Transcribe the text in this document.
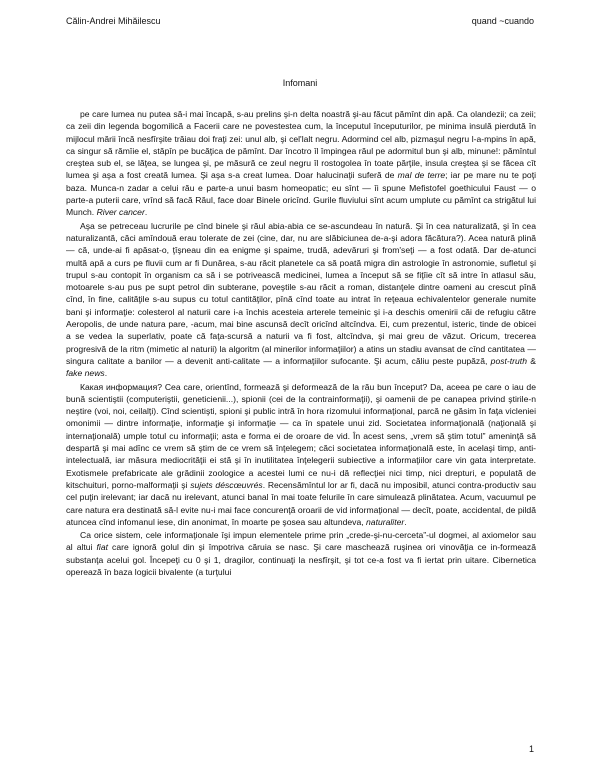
Călin-Andrei Mihăilescu	quand ~cuando
Infomani

pe care lumea nu putea să-i mai încapă, s-au prelins şi-n delta noastră şi-au făcut pămînt din apă. Ca olandezii; ca zeii; ca zeii din legenda bogomilică a Facerii care ne povestestea cum, la începutul începuturilor, pe minima insulă pierdută în mijlocul mării încă nesfîrşite trăiau doi fraţi zei: unul alb, şi cel'lalt negru. Adormind cel alb, pizmaşul negru l-a-mpins în apă, ca singur să rămîie el, stăpîn pe bucăţica de pămînt. Dar încotro îl împingea răul pe adormitul bun şi alb, minune!: pămîntul creştea sub el, se lăţea, se lungea şi, pe măsură ce zeul negru îl rostogolea în toate părţile, insula creştea şi se făcea cît lumea şi aşa a fost creată lumea. Şi aşa s-a creat lumea. Doar halucinaţii suferă de mal de terre; iar pe mare nu te poţi baza. Munca-n zadar a celui rău e parte-a unui basm homeopatic; eu sînt — îi spune Mefistofel goethicului Faust — o parte-a puterii care, vrînd să facă Răul, face doar Binele oricînd. Gurile fluviului sînt acum umplute cu pămînt ca strigătul lui Munch. River cancer.

Aşa se petreceau lucrurile pe cînd binele şi răul abia-abia ce se-ascundeau în natură. Şi în cea naturalizată, şi în cea naturalizantă, căci amîndouă erau tolerate de zei (cine, dar, nu are slăbiciunea de-a-şi adora făcătura?). Acea natură plină — că, unde-ai fi apăsat-o, ţîşneau din ea enigme şi spaime, trudă, adevăruri şi from'seţi — a fost odată. Dar de-atunci multă apă a curs pe fluvii cum ar fi Dunărea, s-au răcit planetele ca să poată migra din astrologie în astronomie, sufletul şi trupul s-au contopit în organism ca să i se potrivească medicinei, lumea a început să se fiţîie cît să intre în atlasul său, motoarele s-au pus pe supt petrol din subterane, poveştile s-au răcit a roman, distanţele dintre oameni au crescut pînă cînd, în fine, calităţile s-au supus cu totul cantităţilor, pînă cînd toate au intrat în reţeaua echivalentelor generale numite bani şi informaţie: colesterol al naturii care i-a închis acesteia arterele temeinic şi i-a deschis omenirii căi de refugiu către Aeropolis, de unde natura pare, -acum, mai bine ascunsă decît oricînd altcîndva. Ei, cum prezentul, isteric, tinde de obicei a se vedea la superlativ, poate că faţa-scursă a naturii va fi fost, altcîndva, şi mai greu de văzut. Oricum, trecerea progresivă de la ritm (mimetic al naturii) la algoritm (al minerilor informaţiilor) a atins un stadiu avansat de cînd cantitatea — singura calitate a banilor — a devenit anti-calitate — a informaţiilor sufocante. Şi acum, căliu peste pupăză, post-truth & fake news.

Какая информация? Cea care, orientînd, formează şi deformează de la rău bun început? Da, aceea pe care o iau de bună scientiştii (computeriştii, geneticienii...), spionii (cei de la contrainformaţii), şi oamenii de pe canapea privind ştirile-n neştire (voi, noi, ceilalţi). Cînd scientişti, spioni şi public intră în hora rizomului informaţional, parcă ne găsim în faţa vicleniei omonimii — dintre informaţie, informaţie şi informaţie — ca în spatele unui zid. Societatea informaţională (naţională şi internaţională) umple totul cu informaţii; asta e forma ei de oroare de vid. În acest sens, „vrem să ştim totul” ameninţă să despartă şi mai adînc ce vrem să ştim de ce vrem să înţelegem; căci societatea informaţională este, în acelaşi timp, anti-intelectuală, iar măsura mediocrităţii ei stă şi în inutilitatea înţelegerii subiective a informaţiilor care vin gata interpretate. Exotismele prefabricate ale grădinii zoologice a acestei lumi ce nu-i dă reflecţiei nici timp, nici drepturi, e populată de kitschuituri, porno-malformaţii şi sujets déscœuvrés. Recensămîntul lor ar fi, dacă nu imposibil, atunci contra-productiv sau cel puţin irelevant; iar dacă nu irelevant, atunci banal în mai toate felurile în care simulează plinătatea. Acum, vacuumul pe care natura era destinată să-l evite nu-i mai face concurenţă oroarii de vid informaţional — decît, poate, accidental, de pildă atuncea cînd infomanul iese, din anonimat, în moarte pe şosea sau altundeva, naturaliter.

Ca orice sistem, cele informaţionale îşi impun elementele prime prin „crede-şi-nu-cerceta”-ul dogmei, al axiomelor sau al altui fiat care ignoră golul din şi împotriva căruia se nasc. Şi care maschează ruşinea ori vinovăţia ce in-formează substanţa acelui gol. Începeţi cu 0 şi 1, dragilor, continuaţi la nesfîrşit, şi tot ce-a fost va fi iertat prin uitare. Cibernetica operează în baza logicii bivalente (a turţului

1
